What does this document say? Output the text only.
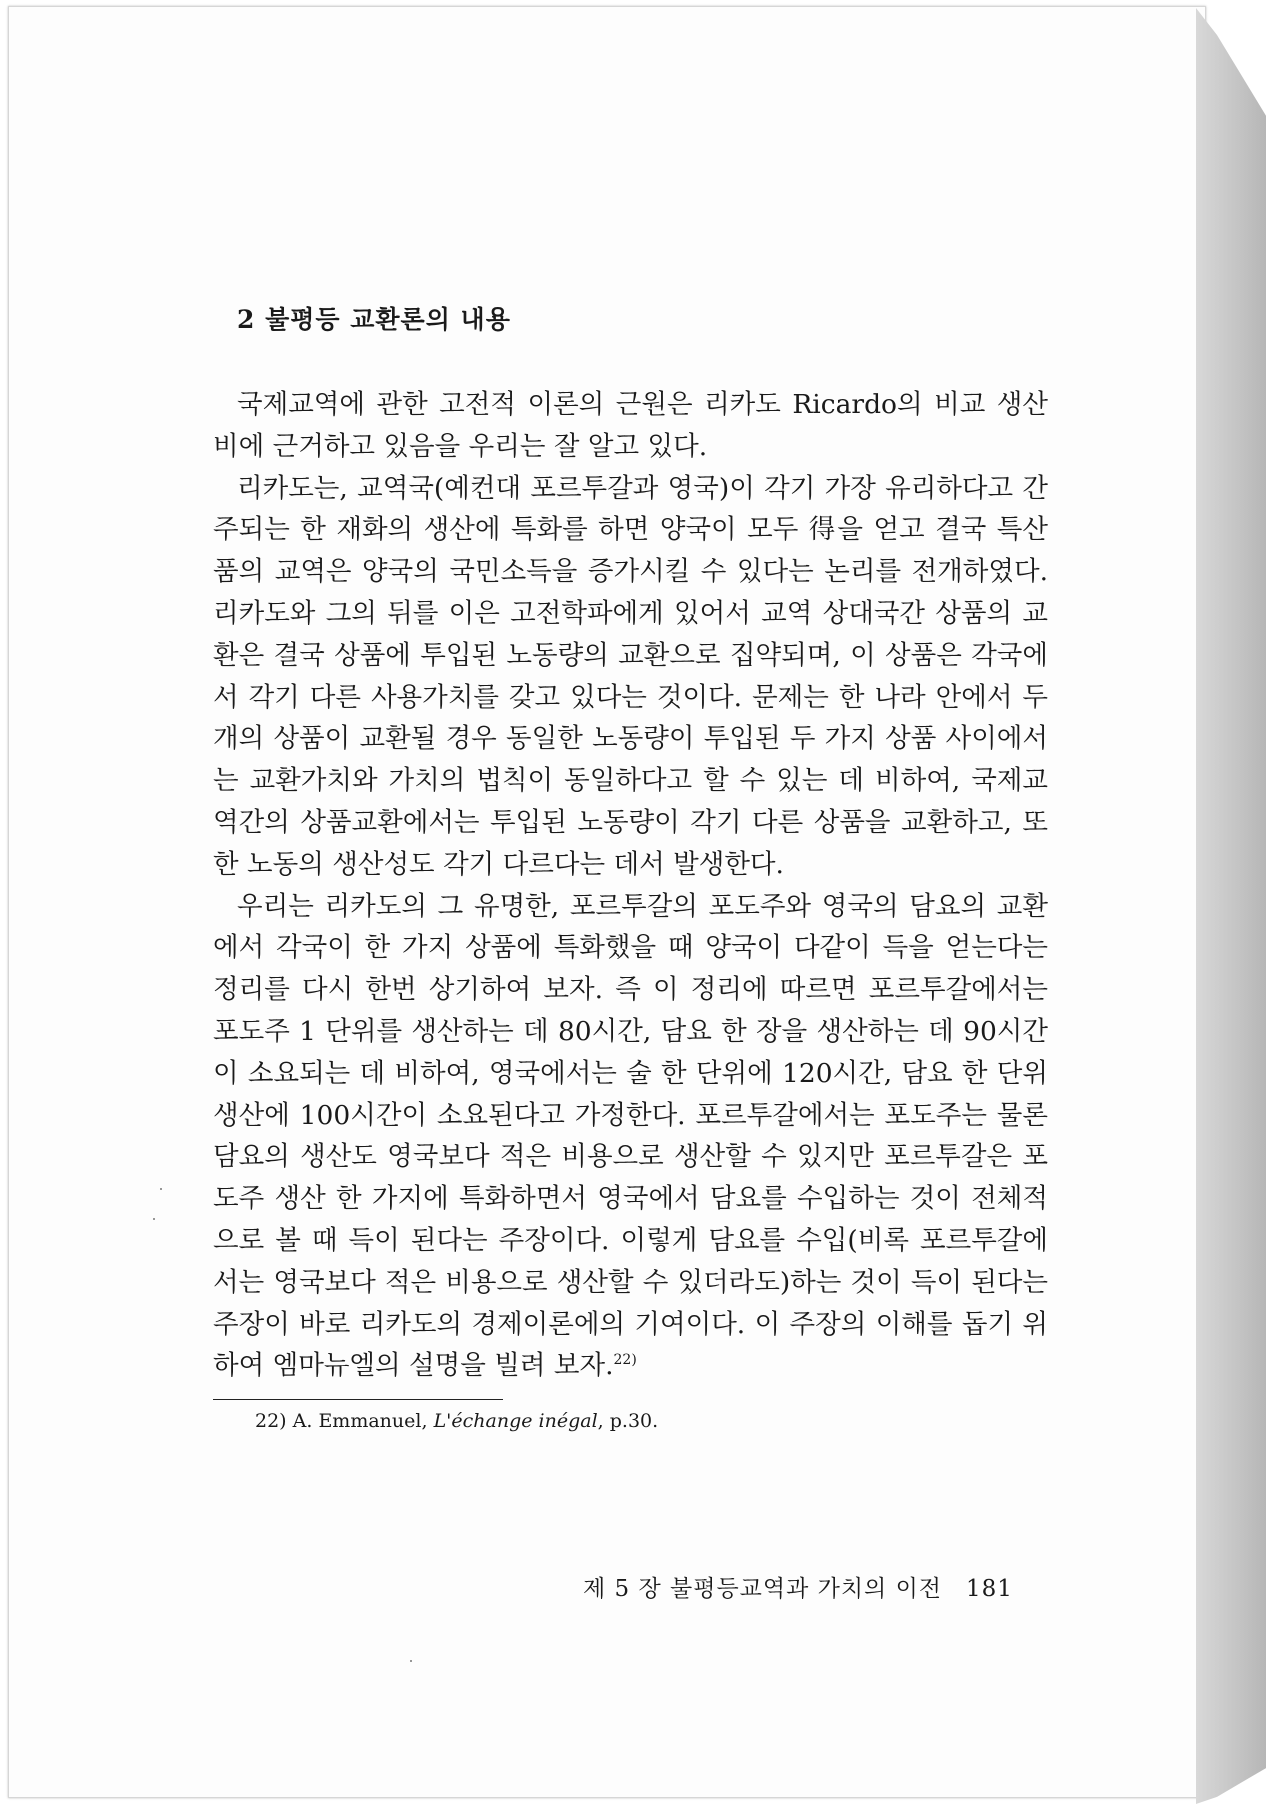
2 불평등 교환론의 내용

국제교역에 관한 고전적 이론의 근원은 리카도 Ricardo의 비교 생산비에 근거하고 있음을 우리는 잘 알고 있다.

리카도는, 교역국(예컨대 포르투갈과 영국)이 각기 가장 유리하다고 간주되는 한 재화의 생산에 특화를 하면 양국이 모두 得을 얻고 결국 특산품의 교역은 양국의 국민소득을 증가시킬 수 있다는 논리를 전개하였다. 리카도와 그의 뒤를 이은 고전학파에게 있어서 교역 상대국간 상품의 교환은 결국 상품에 투입된 노동량의 교환으로 집약되며, 이 상품은 각국에서 각기 다른 사용가치를 갖고 있다는 것이다. 문제는 한 나라 안에서 두 개의 상품이 교환될 경우 동일한 노동량이 투입된 두 가지 상품 사이에서는 교환가치와 가치의 법칙이 동일하다고 할 수 있는 데 비하여, 국제교역간의 상품교환에서는 투입된 노동량이 각기 다른 상품을 교환하고, 또한 노동의 생산성도 각기 다르다는 데서 발생한다.

우리는 리카도의 그 유명한, 포르투갈의 포도주와 영국의 담요의 교환에서 각국이 한 가지 상품에 특화했을 때 양국이 다같이 득을 얻는다는 정리를 다시 한번 상기하여 보자. 즉 이 정리에 따르면 포르투갈에서는 포도주 1 단위를 생산하는 데 80시간, 담요 한 장을 생산하는 데 90시간이 소요되는 데 비하여, 영국에서는 술 한 단위에 120시간, 담요 한 단위 생산에 100시간이 소요된다고 가정한다. 포르투갈에서는 포도주는 물론 담요의 생산도 영국보다 적은 비용으로 생산할 수 있지만 포르투갈은 포도주 생산 한 가지에 특화하면서 영국에서 담요를 수입하는 것이 전체적으로 볼 때 득이 된다는 주장이다. 이렇게 담요를 수입(비록 포르투갈에서는 영국보다 적은 비용으로 생산할 수 있더라도)하는 것이 득이 된다는 주장이 바로 리카도의 경제이론에의 기여이다. 이 주장의 이해를 돕기 위하여 엠마뉴엘의 설명을 빌려 보자.$^{22)}$

22) A. Emmanuel, L'échange inégal, p.30.

제 5 장 불평등교역과 가치의 이전 181
